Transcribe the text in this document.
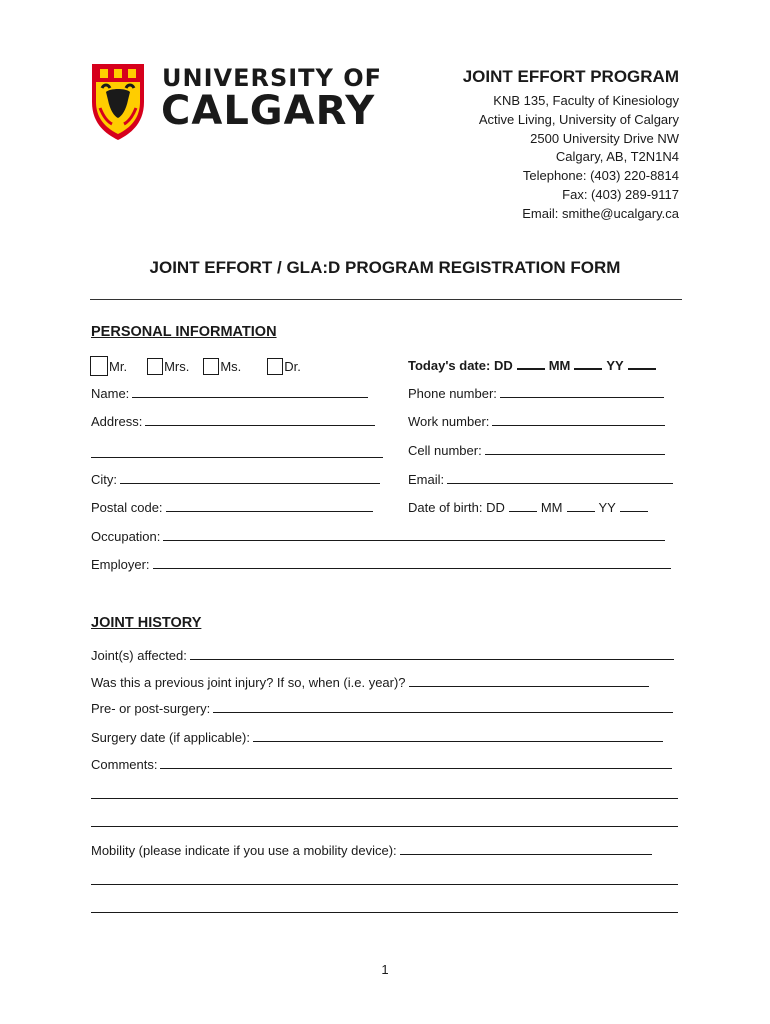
UNIVERSITY OF
CALGARY
JOINT EFFORT PROGRAM
KNB 135, Faculty of Kinesiology
Active Living, University of Calgary
2500 University Drive NW
Calgary, AB, T2N1N4
Telephone: (403) 220-8814
Fax: (403) 289-9117
Email: smithe@ucalgary.ca
JOINT EFFORT / GLA:D PROGRAM REGISTRATION FORM
PERSONAL INFORMATION
Mr.	Mrs. Ms.	Dr.	Today's date:
DD	MM	YY
Name:	Phone number:
Address:	Work number:
Cell number:
City:	Email:
Postal code:	Date of birth:
DD	MM	YY
Occupation:
Employer:
JOINT HISTORY
Joint(s) affected:
Was this a previous joint injury? If so, when (i.e. year)?
Pre- or post-surgery:
Surgery date (if applicable):
Comments:
Mobility (please indicate if you use a mobility device):
1
